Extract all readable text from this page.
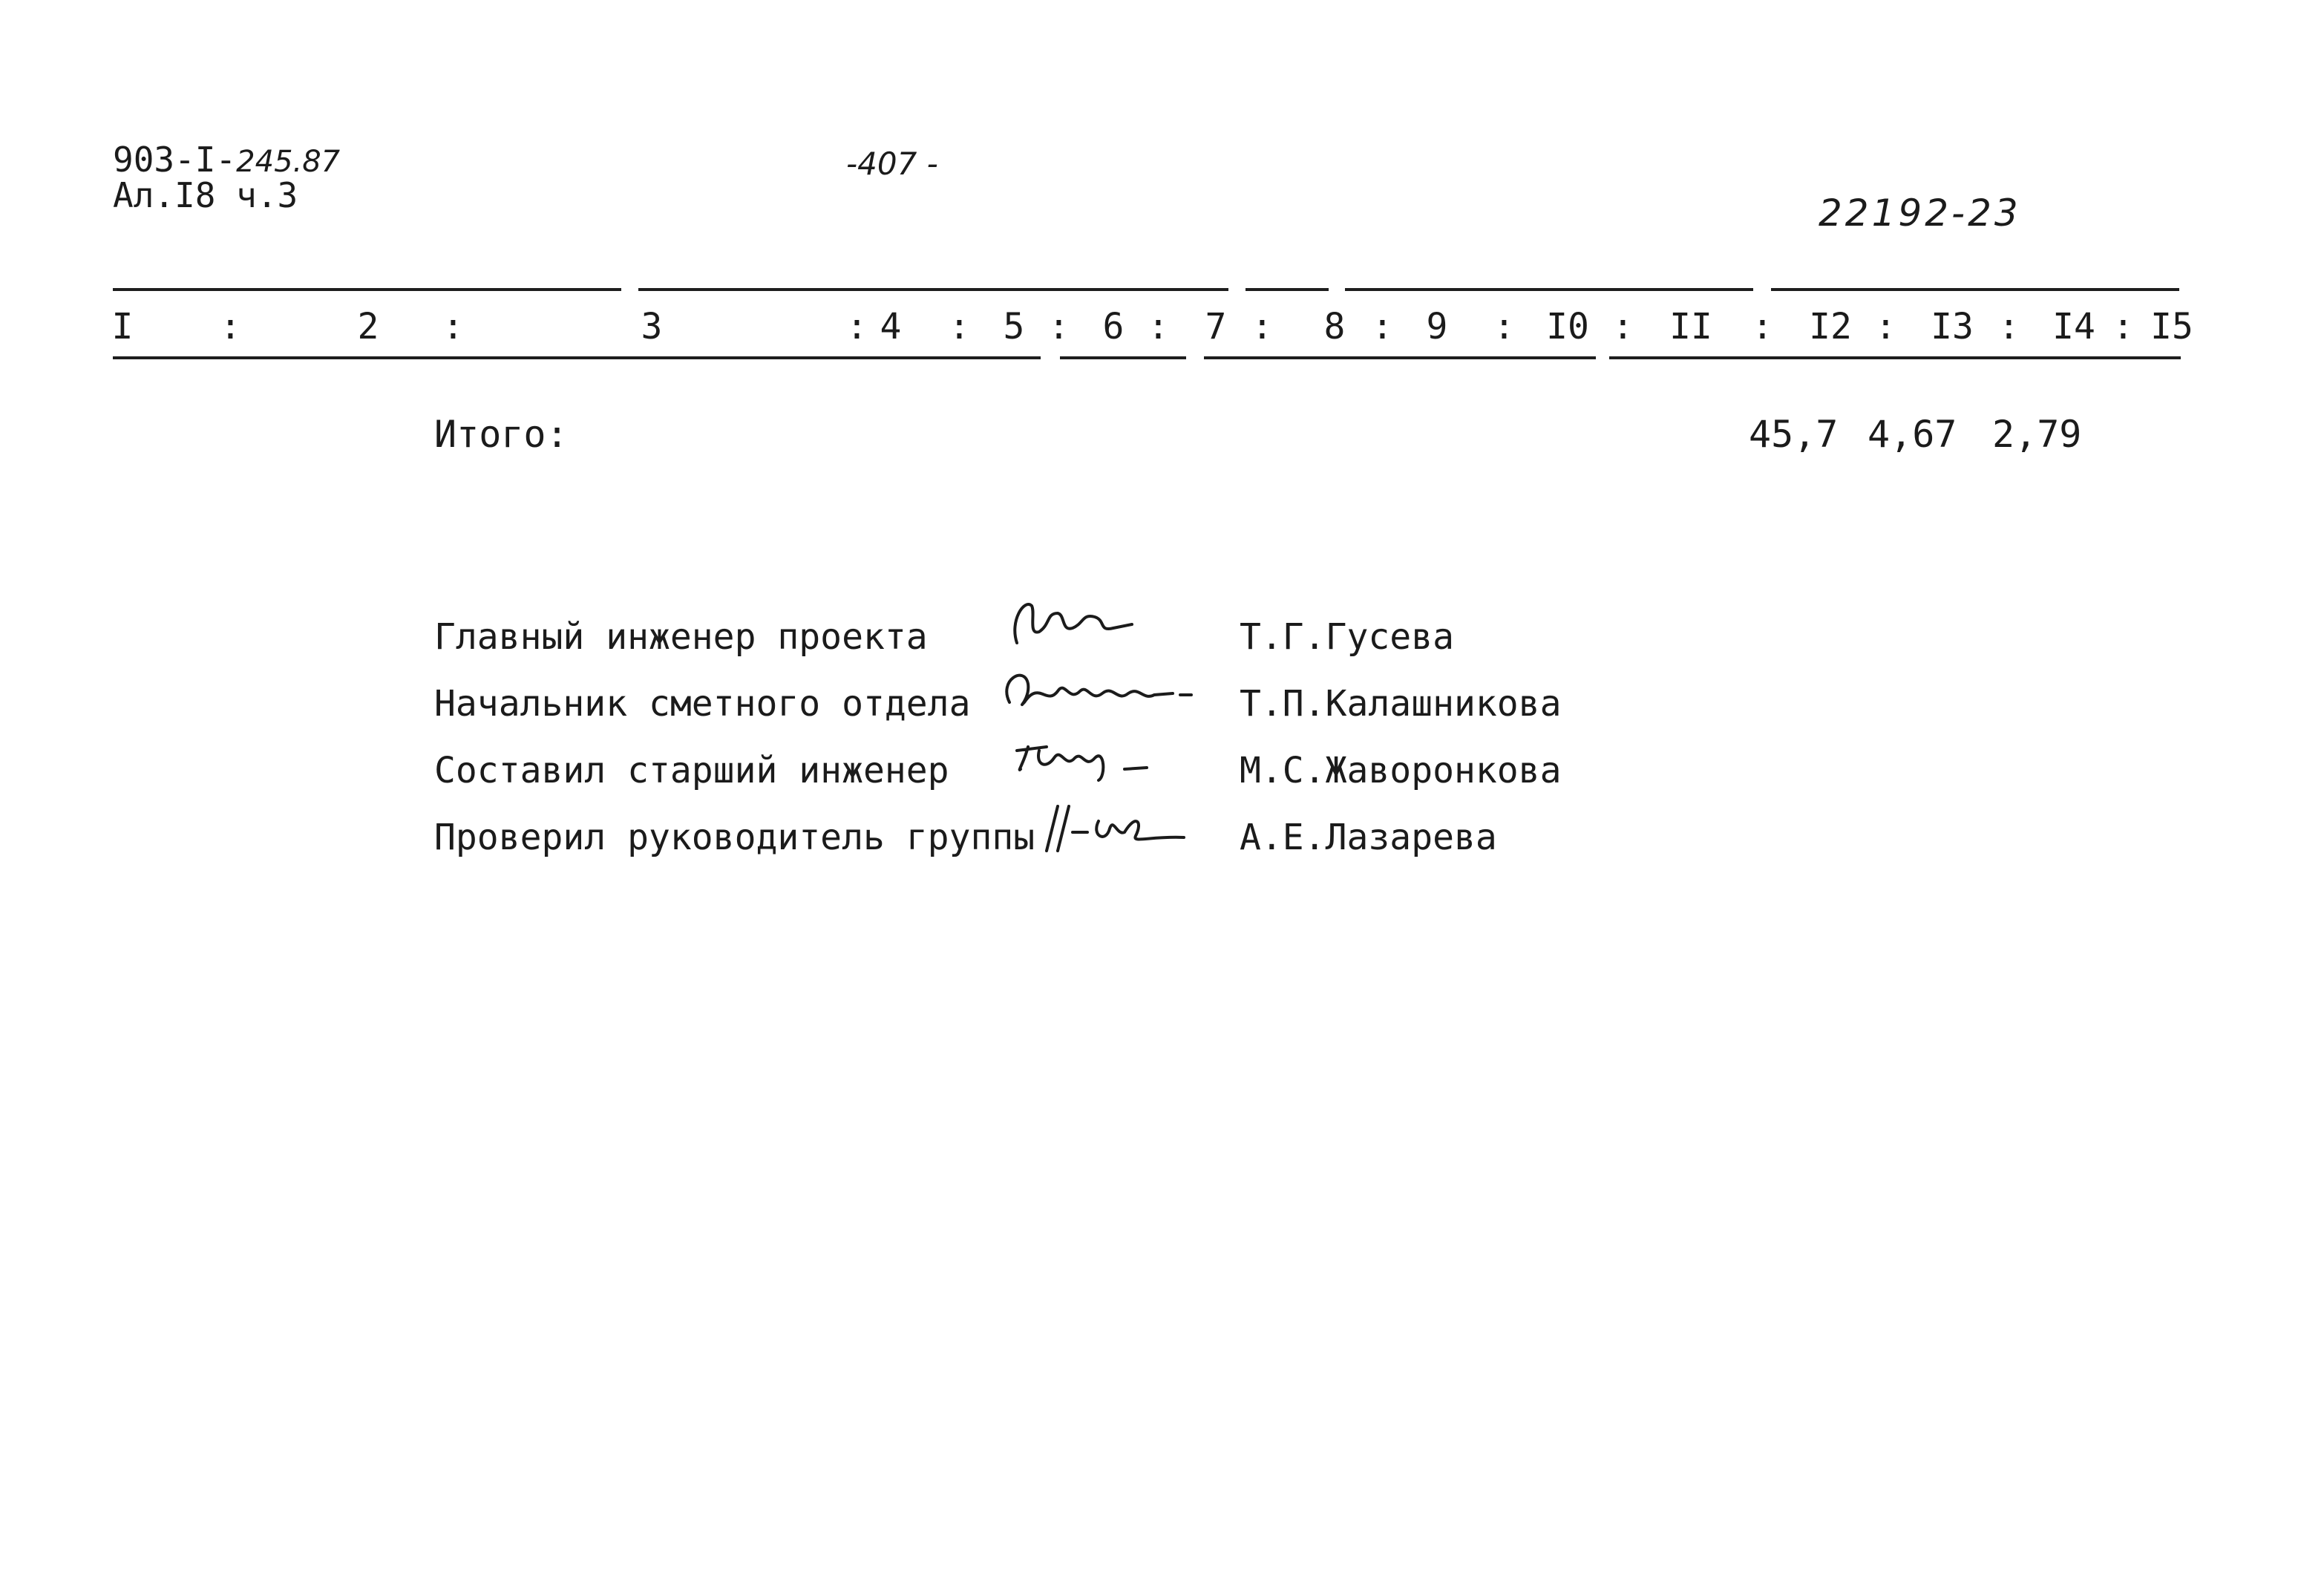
903-I-245.87
Ал.I8 ч.3
-407 -
22192-23
I :	2 :	3	: 4 : 5 : 6 : 7 : 8 : 9 : I0 : II : I2 : I3 : I4 : I5
Итого:	45,7 4,67 2,79
Главный инженер проекта	Т.Г.Гусева
Начальник сметного отдела	Т.П.Калашникова
Составил старший инженер	М.С.Жаворонкова
Проверил руководитель группы	А.Е.Лазарева
